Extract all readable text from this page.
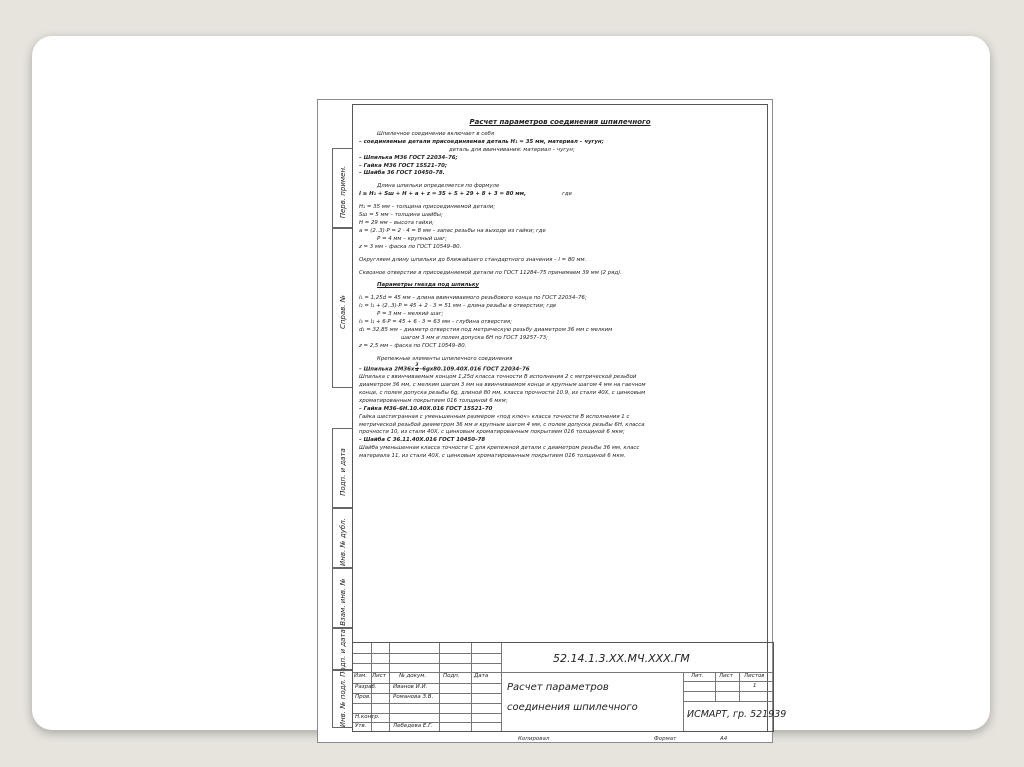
Перв. примен.
Справ. №
Подп. и дата
Инв. № дубл.
Взам. инв. №
Подп. и дата
Инв. № подл.
Расчет параметров соединения шпилечного
Шпилечное соединение включает в себя
– соединяемые детали присоединяемая деталь H₁ = 35 мм, материал – чугун;
деталь для ввинчивания: материал – чугун;
– Шпилька М36 ГОСТ 22034–76;
– Гайка М36 ГОСТ 15521–70;
– Шайба 36 ГОСТ 10450–78.
Длина шпильки определяется по формуле
l ≥ H₁ + Sш + H + a + z = 35 + 5 + 29 + 8 + 3 = 80 мм,	где
H₁ = 35 мм – толщина присоединяемой детали;
Sш = 5 мм – толщина шайбы;
H = 29 мм – высота гайки;
a = (2..3)·P = 2 · 4 = 8 мм – запас резьбы на выходе из гайки; где
P = 4 мм – крупный шаг;
z = 3 мм – фаска по ГОСТ 10549–80.
Округляем длину шпильки до ближайшего стандартного значения – l = 80 мм.
Сквозное отверстие в присоединяемой детали по ГОСТ 11284–75 принимаем 39 мм (2 ряд).
Параметры гнезда под шпильку
l₁ = 1,25d = 45 мм – длина ввинчиваемого резьбового конца по ГОСТ 22034–76;
l₂ = l₁ + (2..3)·P = 45 + 2 · 3 = 51 мм – длина резьбы в отверстии; где
P = 3 мм – мелкий шаг;
l₃ = l₁ + 6·P = 45 + 6 · 3 = 63 мм – глубина отверстия;
d₁ = 32,85 мм – диаметр отверстия под метрическую резьбу диаметром 36 мм с мелким
шагом 3 мм и полем допуска 6Н по ГОСТ 19257–73;
z = 2,5 мм – фаска по ГОСТ 10549–80.
Крепежные элементы шпилечного соединения
– Шпилька $2М36х \frac{3}{4} -6gх80.109.40Х.016$ ГОСТ 22034–76
Шпилька с ввинчиваемым концом 1,25d класса точности В исполнения 2 с метрической резьбой
диаметром 36 мм, с мелким шагом 3 мм на ввинчиваемом конце и крупным шагом 4 мм на гаечном
конце, с полем допуска резьбы 6g, длиной 80 мм, класса прочности 10.9, из стали 40Х, с цинковым
хроматированным покрытием 016 толщиной 6 мкм;
– Гайка М36–6Н.10.40Х.016 ГОСТ 15521–70
Гайка шестигранная с уменьшенным размером «под ключ» класса точности В исполнения 1 с
метрической резьбой диаметром 36 мм и крупным шагом 4 мм, с полем допуска резьбы 6Н, класса
прочности 10, из стали 40Х, с цинковым хроматированным покрытием 016 толщиной 6 мкм;
– Шайба С 36.11.40Х.016 ГОСТ 10450–78
Шайба уменьшенная класса точности С для крепежной детали с диаметром резьбы 36 мм, класс
материала 11, из стали 40Х, с цинковым хроматированным покрытием 016 толщиной 6 мкм.
52.14.1.3.ХХ.МЧ.ХХХ.ГМ
Изм. Лист № докум.	Подп.	Дата
Разраб.	Иванов И.И.
Пров.	Романова З.В.
Н.контр.
Утв.	Лебедева Е.Г.
Расчет параметров
соединения шпилечного
Лит.	Лист Листов
1
ИСМАРТ, гр. 521939
Копировал	Формат	А4
